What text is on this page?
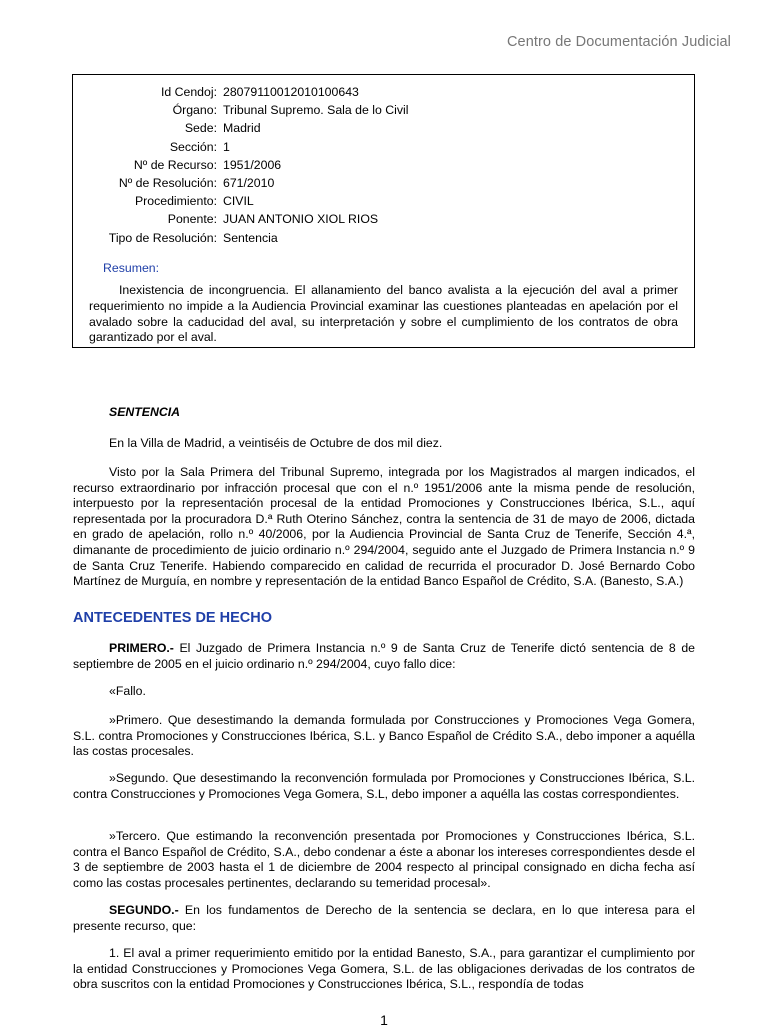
Centro de Documentación Judicial
Id Cendoj: 28079110012010100643
Órgano: Tribunal Supremo. Sala de lo Civil
Sede: Madrid
Sección: 1
Nº de Recurso: 1951/2006
Nº de Resolución: 671/2010
Procedimiento: CIVIL
Ponente: JUAN ANTONIO XIOL RIOS
Tipo de Resolución: Sentencia
Resumen:

Inexistencia de incongruencia. El allanamiento del banco avalista a la ejecución del aval a primer requerimiento no impide a la Audiencia Provincial examinar las cuestiones planteadas en apelación por el avalado sobre la caducidad del aval, su interpretación y sobre el cumplimiento de los contratos de obra garantizado por el aval.

SENTENCIA

En la Villa de Madrid, a veintiséis de Octubre de dos mil diez.

Visto por la Sala Primera del Tribunal Supremo, integrada por los Magistrados al margen indicados, el recurso extraordinario por infracción procesal que con el n.º 1951/2006 ante la misma pende de resolución, interpuesto por la representación procesal de la entidad Promociones y Construcciones Ibérica, S.L., aquí representada por la procuradora D.ª Ruth Oterino Sánchez, contra la sentencia de 31 de mayo de 2006, dictada en grado de apelación, rollo n.º 40/2006, por la Audiencia Provincial de Santa Cruz de Tenerife, Sección 4.ª, dimanante de procedimiento de juicio ordinario n.º 294/2004, seguido ante el Juzgado de Primera Instancia n.º 9 de Santa Cruz Tenerife. Habiendo comparecido en calidad de recurrida el procurador D. José Bernardo Cobo Martínez de Murguía, en nombre y representación de la entidad Banco Español de Crédito, S.A. (Banesto, S.A.)

ANTECEDENTES DE HECHO

PRIMERO.- El Juzgado de Primera Instancia n.º 9 de Santa Cruz de Tenerife dictó sentencia de 8 de septiembre de 2005 en el juicio ordinario n.º 294/2004, cuyo fallo dice:

«Fallo.

»Primero. Que desestimando la demanda formulada por Construcciones y Promociones Vega Gomera, S.L. contra Promociones y Construcciones Ibérica, S.L. y Banco Español de Crédito S.A., debo imponer a aquélla las costas procesales.

»Segundo. Que desestimando la reconvención formulada por Promociones y Construcciones Ibérica, S.L. contra Construcciones y Promociones Vega Gomera, S.L, debo imponer a aquélla las costas correspondientes.

»Tercero. Que estimando la reconvención presentada por Promociones y Construcciones Ibérica, S.L. contra el Banco Español de Crédito, S.A., debo condenar a éste a abonar los intereses correspondientes desde el 3 de septiembre de 2003 hasta el 1 de diciembre de 2004 respecto al principal consignado en dicha fecha así como las costas procesales pertinentes, declarando su temeridad procesal».

SEGUNDO.- En los fundamentos de Derecho de la sentencia se declara, en lo que interesa para el presente recurso, que:

1. El aval a primer requerimiento emitido por la entidad Banesto, S.A., para garantizar el cumplimiento por la entidad Construcciones y Promociones Vega Gomera, S.L. de las obligaciones derivadas de los contratos de obra suscritos con la entidad Promociones y Construcciones Ibérica, S.L., respondía de todas

1
